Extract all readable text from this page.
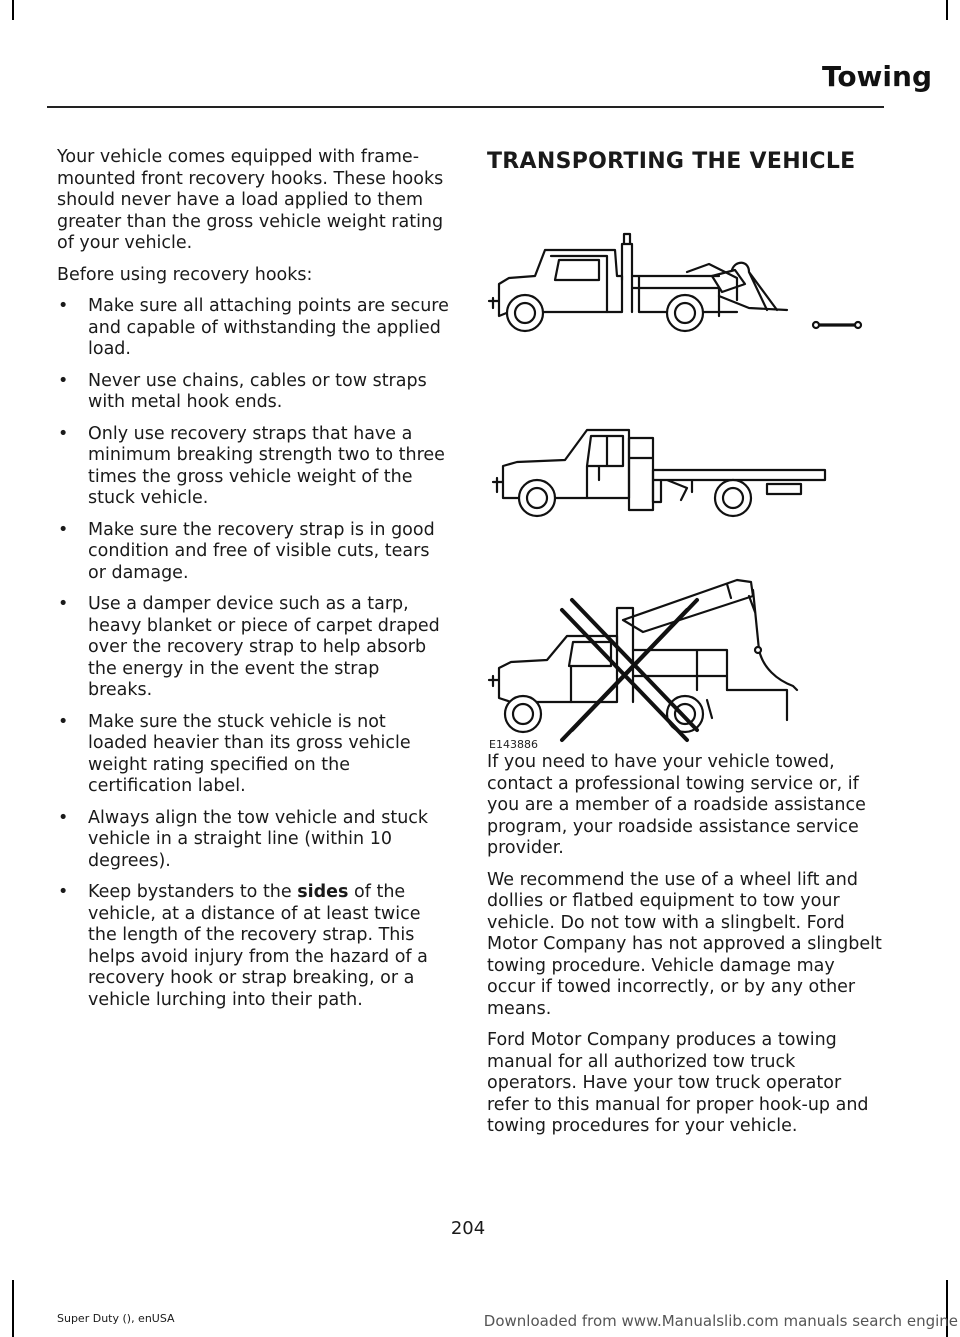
Towing

Your vehicle comes equipped with frame-mounted front recovery hooks. These hooks should never have a load applied to them greater than the gross vehicle weight rating of your vehicle.

Before using recovery hooks:

• Make sure all attaching points are secure and capable of withstanding the applied load.
• Never use chains, cables or tow straps with metal hook ends.
• Only use recovery straps that have a minimum breaking strength two to three times the gross vehicle weight of the stuck vehicle.
• Make sure the recovery strap is in good condition and free of visible cuts, tears or damage.
• Use a damper device such as a tarp, heavy blanket or piece of carpet draped over the recovery strap to help absorb the energy in the event the strap breaks.
• Make sure the stuck vehicle is not loaded heavier than its gross vehicle weight rating specified on the certification label.
• Always align the tow vehicle and stuck vehicle in a straight line (within 10 degrees).
• Keep bystanders to the sides of the vehicle, at a distance of at least twice the length of the recovery strap. This helps avoid injury from the hazard of a recovery hook or strap breaking, or a vehicle lurching into their path.
TRANSPORTING THE VEHICLE
E143886

If you need to have your vehicle towed, contact a professional towing service or, if you are a member of a roadside assistance program, your roadside assistance service provider.

We recommend the use of a wheel lift and dollies or flatbed equipment to tow your vehicle. Do not tow with a slingbelt. Ford Motor Company has not approved a slingbelt towing procedure. Vehicle damage may occur if towed incorrectly, or by any other means.

Ford Motor Company produces a towing manual for all authorized tow truck operators. Have your tow truck operator refer to this manual for proper hook-up and towing procedures for your vehicle.

204
Super Duty (), enUSA	Downloaded from www.Manualslib.com manuals search engine
